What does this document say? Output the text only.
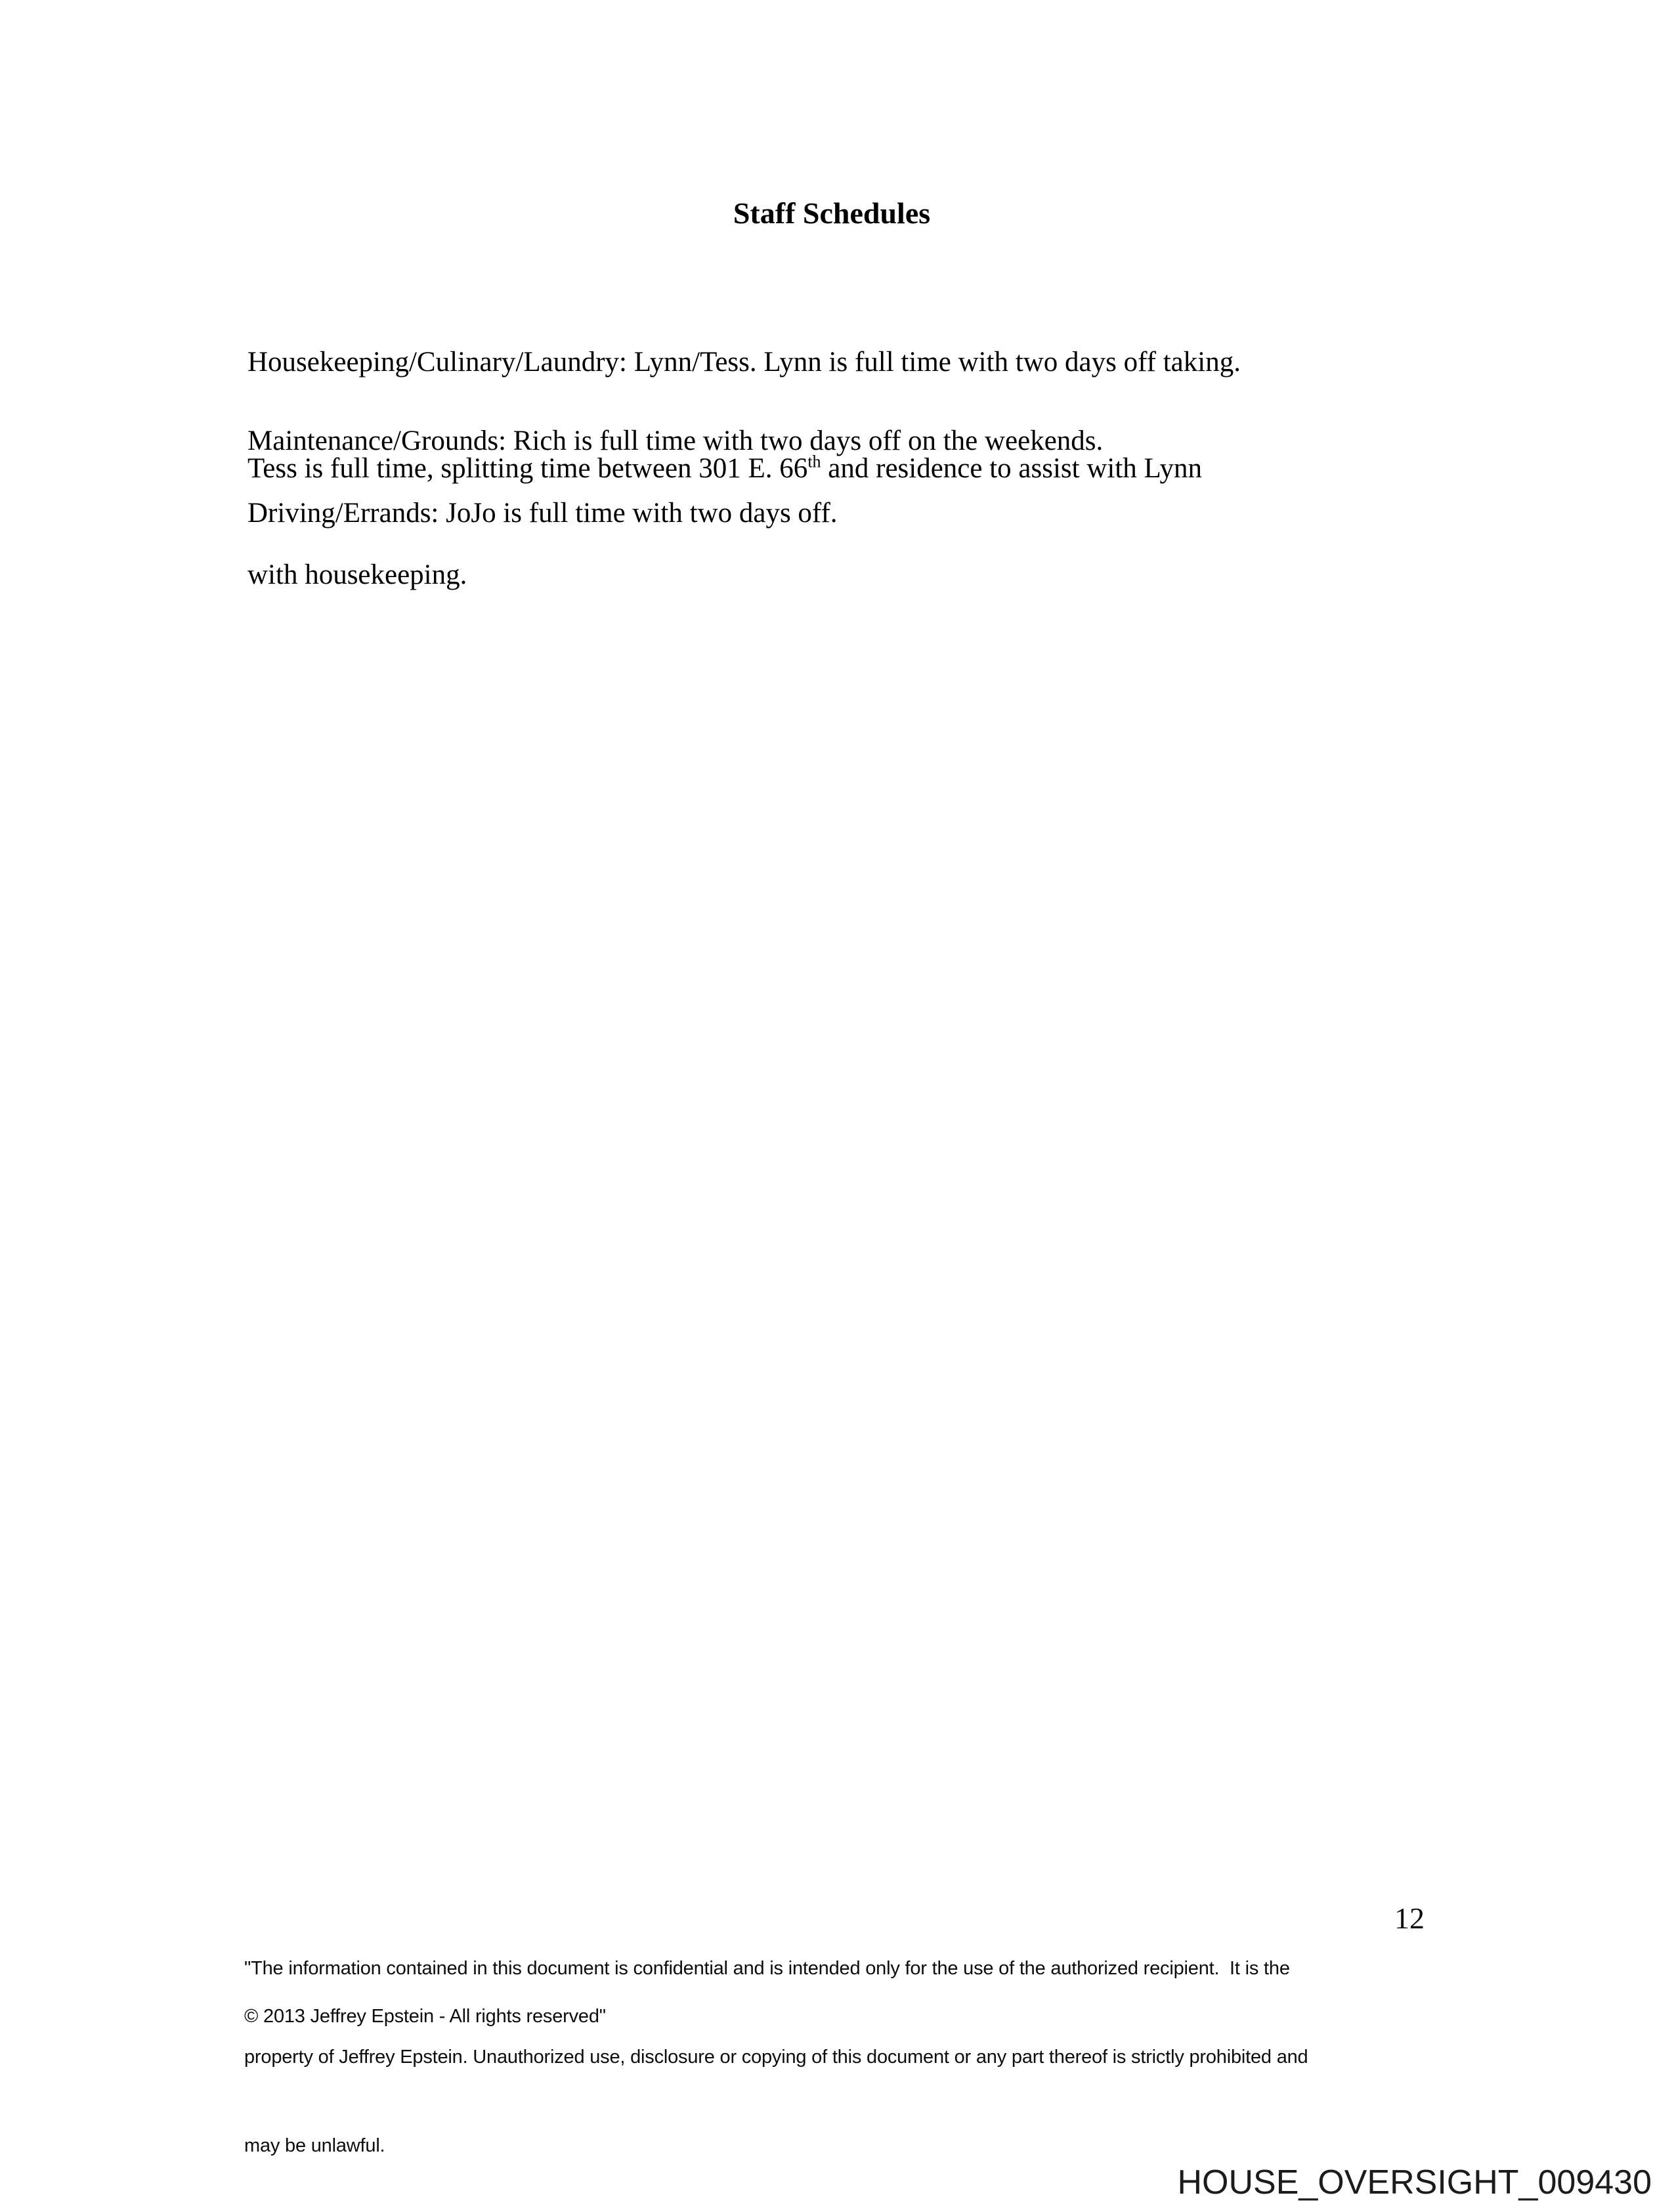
Staff Schedules

Housekeeping/Culinary/Laundry: Lynn/Tess. Lynn is full time with two days off taking.

Tess is full time, splitting time between 301 E. 66th and residence to assist with Lynn

with housekeeping.

Maintenance/Grounds: Rich is full time with two days off on the weekends.
Driving/Errands: JoJo is full time with two days off.

"The information contained in this document is confidential and is intended only for the use of the authorized recipient.  It is the

property of Jeffrey Epstein. Unauthorized use, disclosure or copying of this document or any part thereof is strictly prohibited and

may be unlawful.

12
© 2013 Jeffrey Epstein - All rights reserved"
HOUSE_OVERSIGHT_009430
